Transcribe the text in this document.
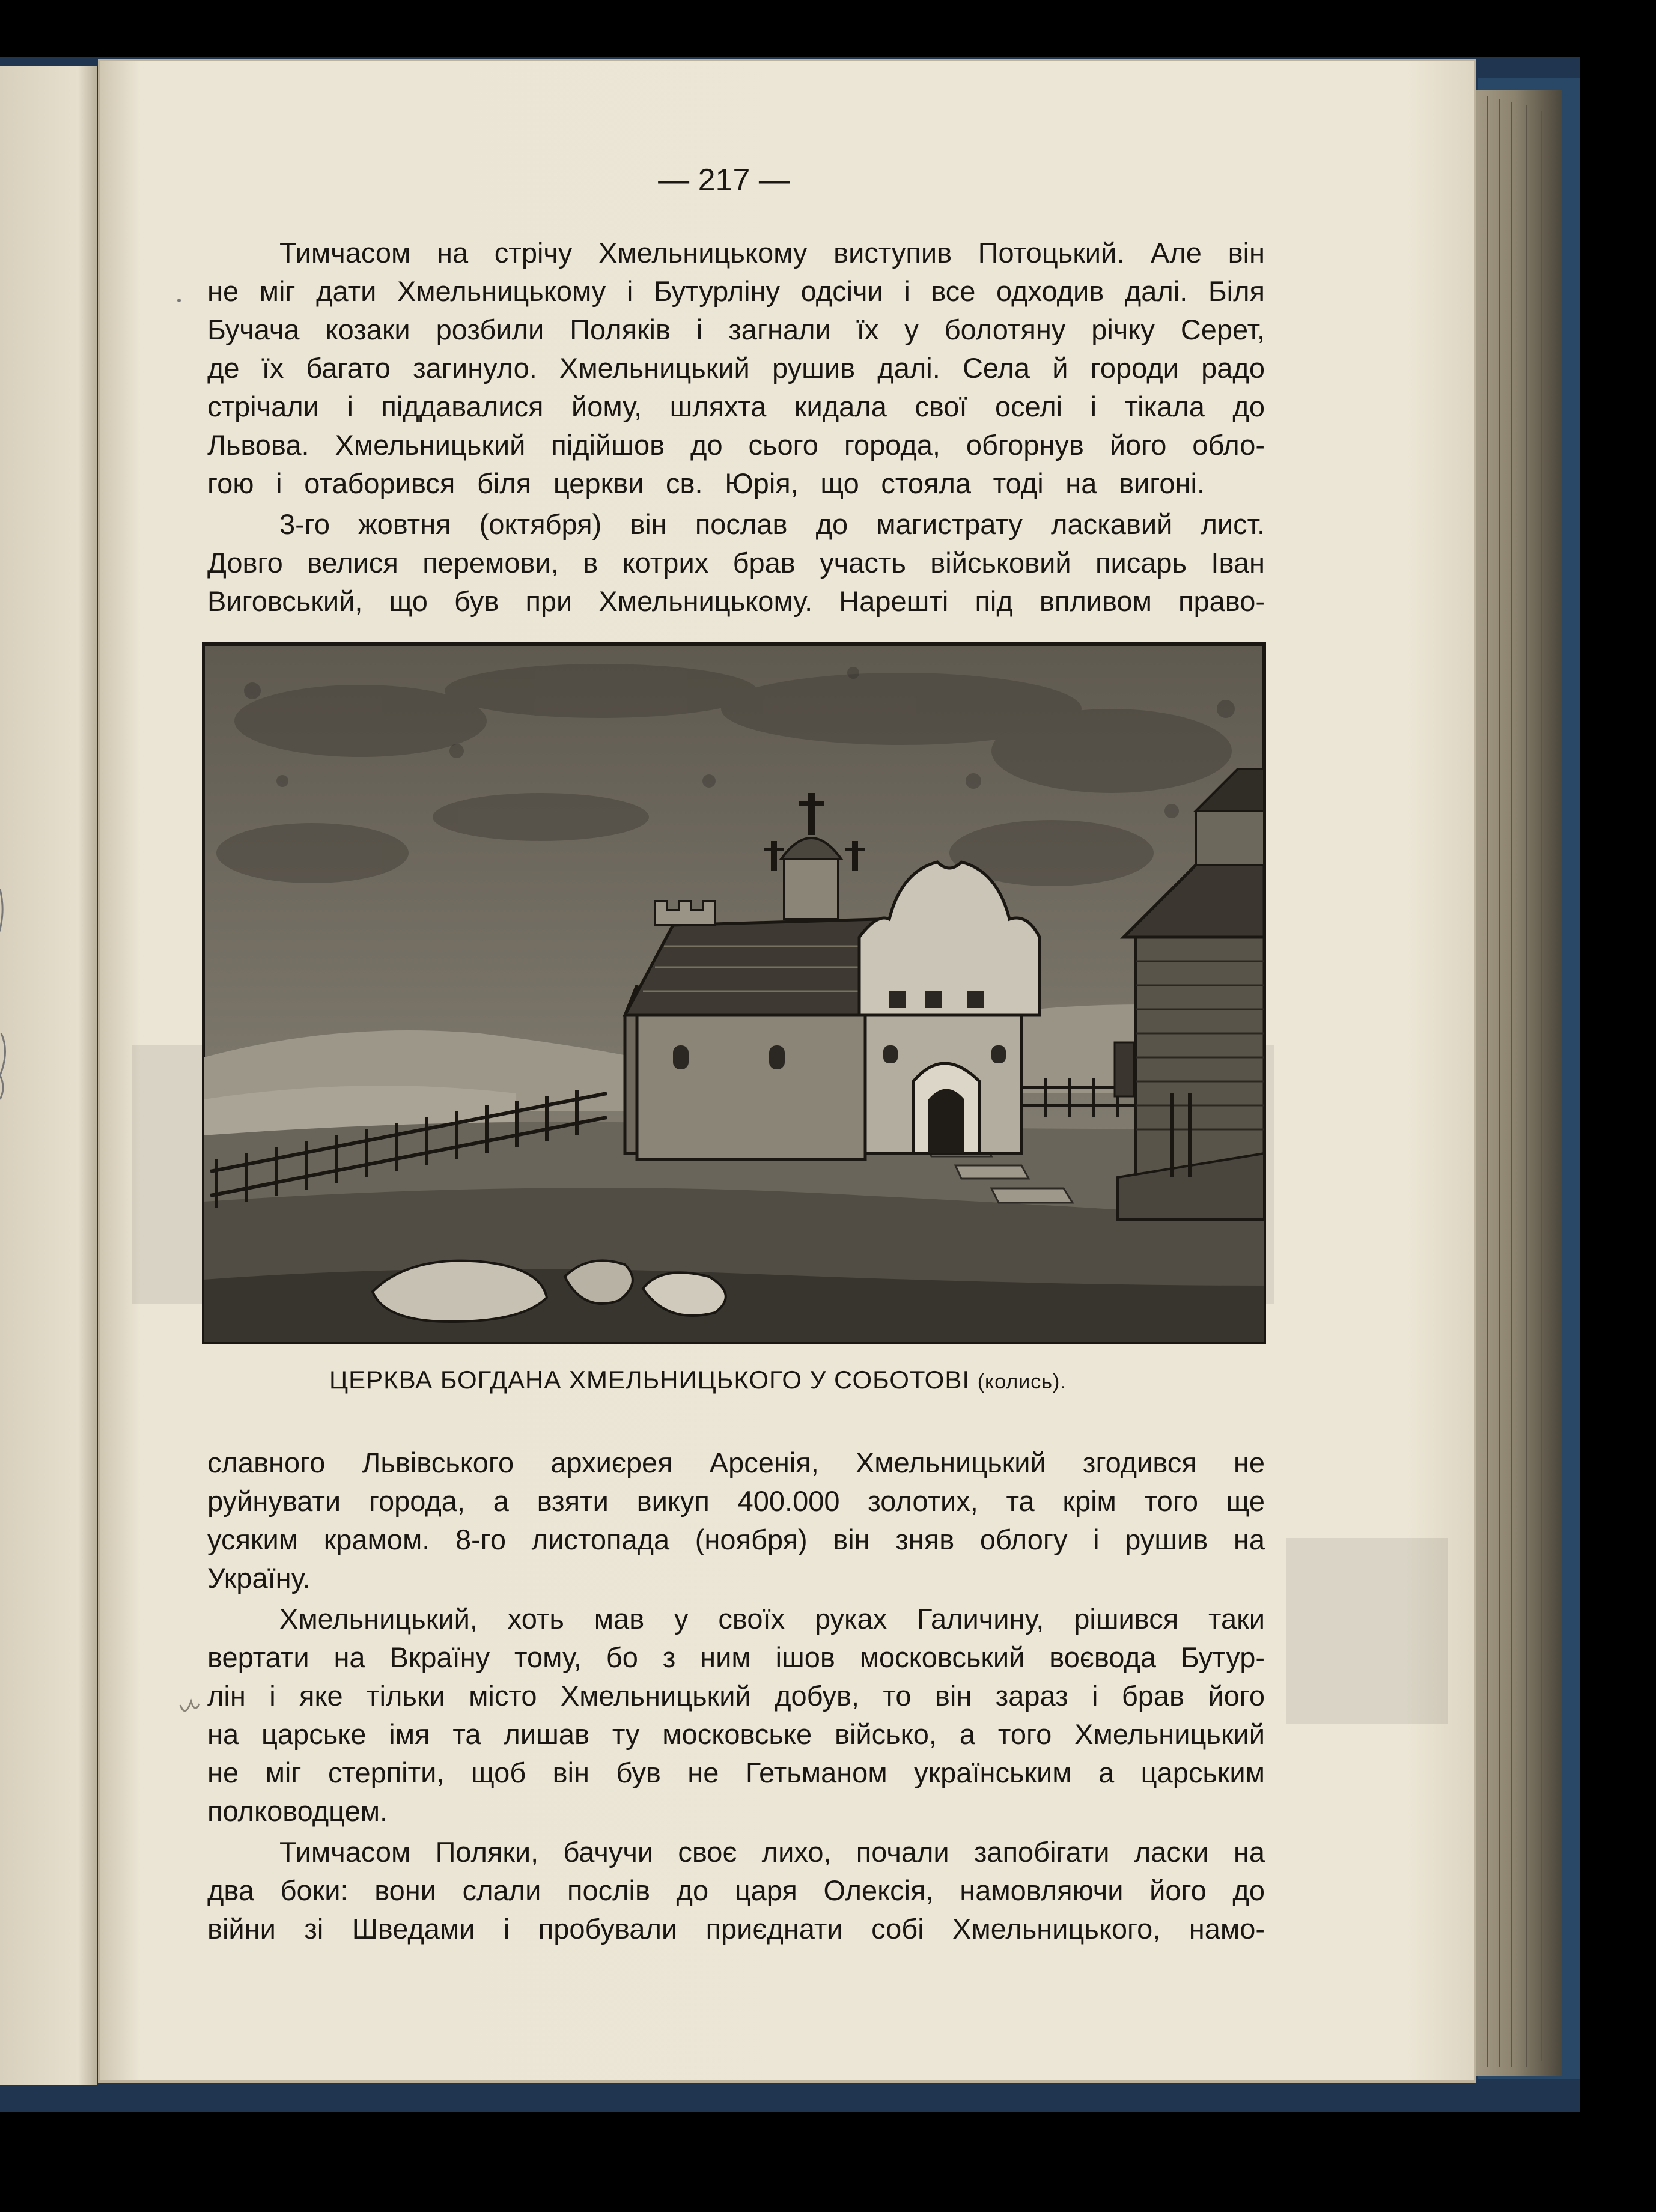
— 217 —
Тимчасом на стрічу Хмельницькому виступив Потоцький. Але він
не міг дати Хмельницькому і Бутурліну одсічи і все одходив далі. Біля
Бучача козаки розбили Поляків і загнали їх у болотяну річку Серет,
де їх багато загинуло. Хмельницький рушив далі. Села й городи радо
стрічали і піддавалися йому, шляхта кидала свої оселі і тікала до
Львова. Хмельницький підійшов до сього города, обгорнув його обло-
гою і отаборився біля церкви св. Юрія, що стояла тоді на вигоні.
3-го жовтня (октября) він послав до магистрату ласкавий лист.
Довго велися перемови, в котрих брав участь військовий писарь Іван
Виговський, що був при Хмельницькому. Нарешті під впливом право-
ЦЕРКВА БОГДАНА ХМЕЛЬНИЦЬКОГО У СОБОТОВІ (колись).
славного Львівського архиєрея Арсенія, Хмельницький згодився не
руйнувати города, а взяти викуп 400.000 золотих, та крім того ще
усяким крамом. 8-го листопада (ноября) він зняв облогу і рушив на
Україну.
Хмельницький, хоть мав у своїх руках Галичину, рішився таки
вертати на Вкраїну тому, бо з ним ішов московський воєвода Бутур-
лін і яке тільки місто Хмельницький добув, то він зараз і брав його
на царське імя та лишав ту московське військо, а того Хмельницький
не міг стерпіти, щоб він був не Гетьманом українським а царським
полководцем.
Тимчасом Поляки, бачучи своє лихо, почали запобігати ласки на
два боки: вони слали послів до царя Олексія, намовляючи його до
війни зі Шведами і пробували приєднати собі Хмельницького, намо-
